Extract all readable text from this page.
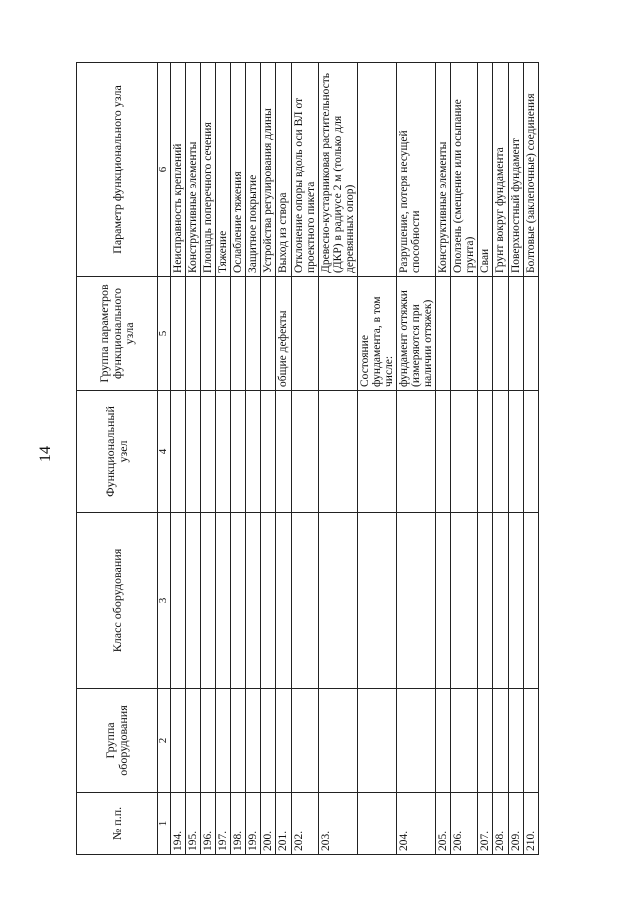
14
№ п.п.	Группа оборудования	Класс оборудования	Функциональный узел	Группа параметров функционального узла	Параметр функционального узла
1	2	3	4	5	6
194.					Неисправность креплений
195.					Конструктивные элементы
196.					Площадь поперечного сечения
197.					Тяжение
198.					Ослабление тяжения
199.					Защитное покрытие
200.					Устройства регулирования длины
201.				общие дефекты	Выход из створа
202.					Отклонение опоры вдоль оси ВЛ от проектного пикета
203.					Древесно-кустарниковая растительность (ДКР) в радиусе 2 м (только для деревянных опор)
				Состояние фундамента, в том числе:	
204.				фундамент оттяжки (измеряются при наличии оттяжек)	Разрушение, потеря несущей способности
205.					Конструктивные элементы
206.					Оползень (смещение или осыпание грунта)
207.					Сваи
208.					Грунт вокруг фундамента
209.					Поверхностный фундамент
210.					Болтовые (заклепочные) соединения
